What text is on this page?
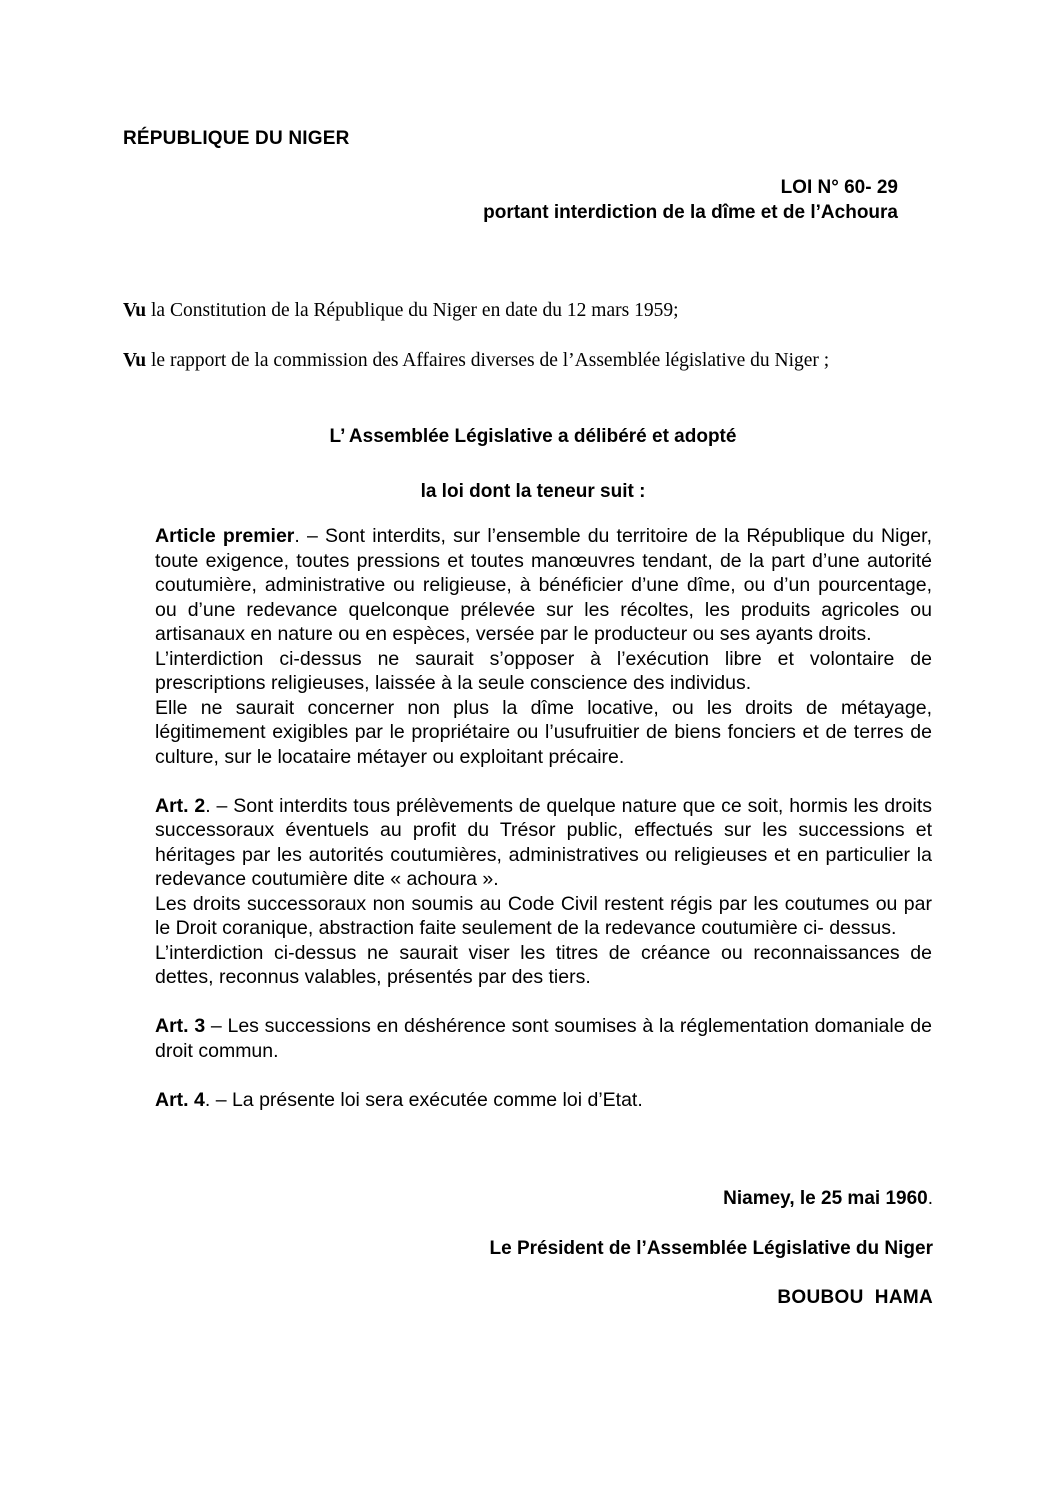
RÉPUBLIQUE DU NIGER
LOI N° 60- 29
portant interdiction de la dîme et de l’Achoura
Vu la Constitution de la République du Niger en date du 12 mars 1959;
Vu le rapport de la commission des Affaires diverses de l’Assemblée législative du Niger ;
L’ Assemblée Législative a délibéré et adopté
la loi dont la teneur suit :

Article premier. – Sont interdits, sur l’ensemble du territoire de la République du Niger, toute exigence, toutes pressions et toutes manœuvres tendant, de la part d’une autorité coutumière, administrative ou religieuse, à bénéficier d’une dîme, ou d’un pourcentage, ou d’une redevance quelconque prélevée sur les récoltes, les produits agricoles ou artisanaux en nature ou en espèces, versée par le producteur ou ses ayants droits.

L’interdiction ci-dessus ne saurait s’opposer à l’exécution libre et volontaire de prescriptions religieuses, laissée à la seule conscience des individus.

Elle ne saurait concerner non plus la dîme locative, ou les droits de métayage, légitimement exigibles par le propriétaire ou l’usufruitier de biens fonciers et de terres de culture, sur le locataire métayer ou exploitant précaire.

Art. 2. – Sont interdits tous prélèvements de quelque nature que ce soit, hormis les droits successoraux éventuels au profit du Trésor public, effectués sur les successions et héritages par les autorités coutumières, administratives ou religieuses et en particulier la redevance coutumière dite « achoura ».

Les droits successoraux non soumis au Code Civil restent régis par les coutumes ou par le Droit coranique, abstraction faite seulement de la redevance coutumière ci- dessus.

L’interdiction ci-dessus ne saurait viser les titres de créance ou reconnaissances de dettes, reconnus valables, présentés par des tiers.

Art. 3 – Les successions en déshérence sont soumises à la réglementation domaniale de droit commun.

Art. 4. – La présente loi sera exécutée comme loi d’Etat.

Niamey, le 25 mai 1960.
Le Président de l’Assemblée Législative du Niger
BOUBOU  HAMA
